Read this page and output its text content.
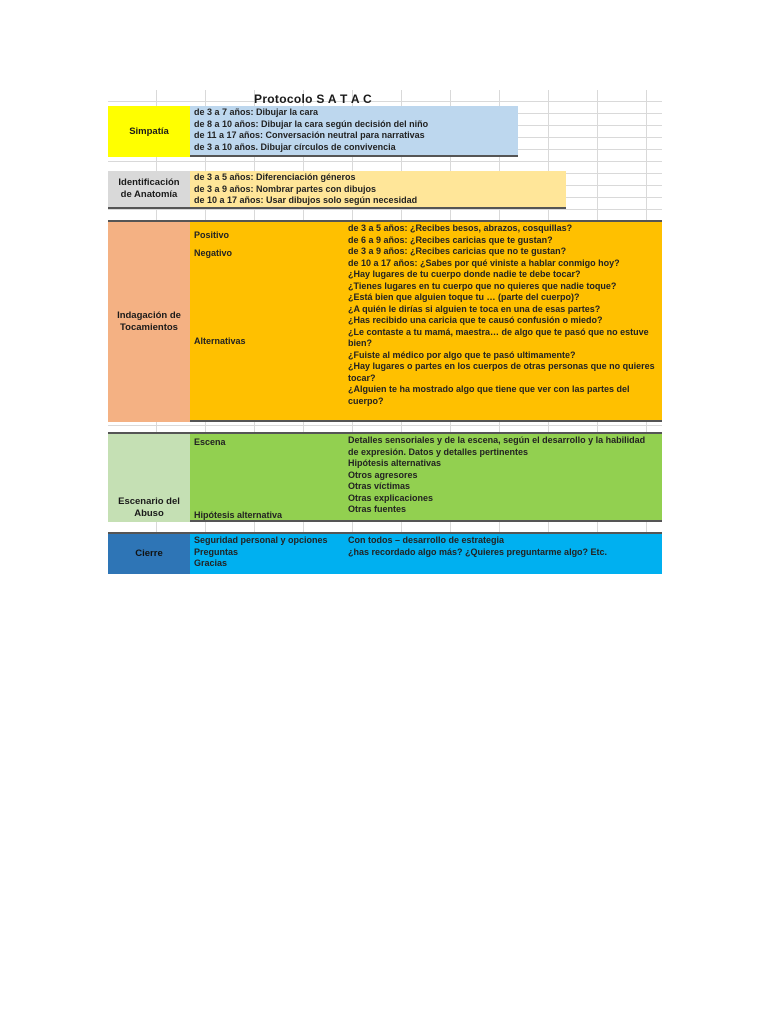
Protocolo S A T A C
Simpatía
de 3 a 7 años: Dibujar la cara
de 8 a 10 años: Dibujar la cara según decisión del niño
de 11 a 17 años: Conversación neutral para narrativas
de 3 a 10 años. Dibujar círculos de convivencia
Identificación de Anatomía
de 3 a 5 años: Diferenciación géneros
de 3 a 9 años: Nombrar partes con dibujos
de 10 a 17 años: Usar dibujos solo según necesidad
Indagación de Tocamientos
Positivo
Negativo
Alternativas
de 3 a 5 años: ¿Recibes besos, abrazos, cosquillas?
de 6 a 9 años: ¿Recibes caricias que te gustan?
de 3 a 9 años: ¿Recibes caricias que no te gustan?
de 10 a 17 años: ¿Sabes por qué viniste a hablar conmigo hoy?
¿Hay lugares de tu cuerpo donde nadie te debe tocar?
¿Tienes lugares en tu cuerpo que no quieres que nadie toque?
¿Está bien que alguien toque tu … (parte del cuerpo)?
¿A quién le dirías si alguien te toca en una de esas partes?
¿Has recibido una caricia que te causó confusión o miedo?
¿Le contaste a tu mamá, maestra… de algo que te pasó que no estuve bien?
¿Fuiste al médico por algo que te pasó ultimamente?
¿Hay lugares o partes en los cuerpos de otras personas que no quieres tocar?
¿Alguien te ha mostrado algo que tiene que ver con las partes del cuerpo?
Escenario del Abuso
Escena
Hipótesis alternativa
Detalles sensoriales y de la escena, según el desarrollo y la habilidad de expresión. Datos y detalles pertinentes
Hipótesis alternativas
Otros agresores
Otras víctimas
Otras explicaciones
Otras fuentes
Cierre
Seguridad personal y opciones
Preguntas
Gracias
Con todos – desarrollo de estrategia
¿has recordado algo más? ¿Quieres preguntarme algo? Etc.
